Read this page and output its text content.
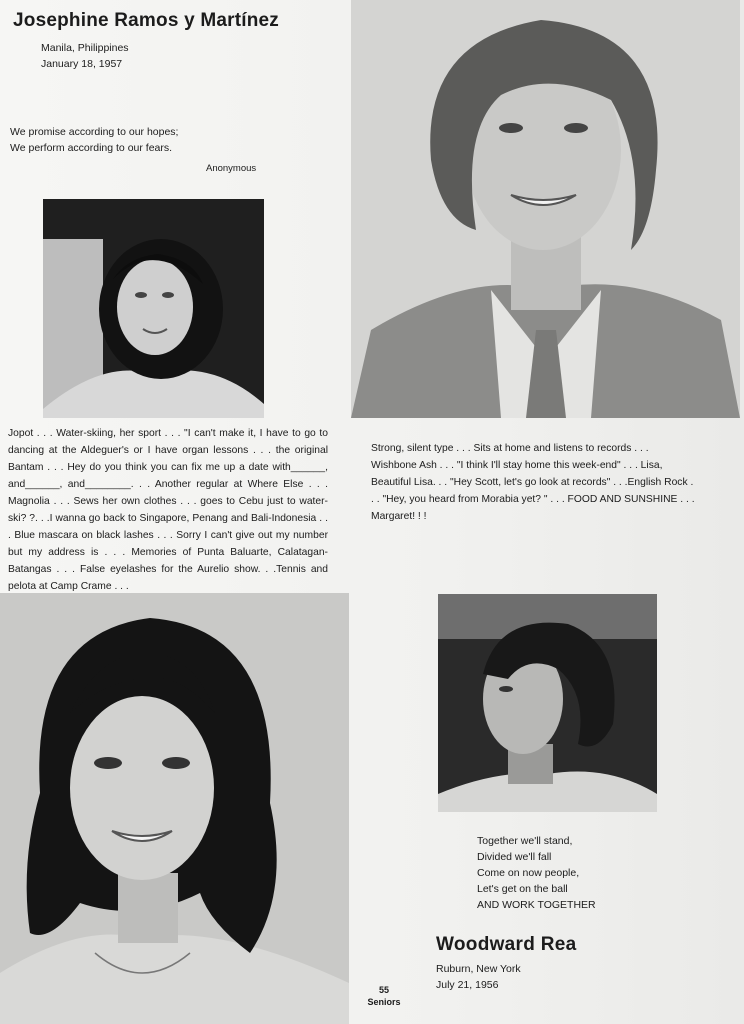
Josephine Ramos y Martínez
Manila, Philippines
January 18, 1957
We promise according to our hopes;
We perform according to our fears.
Anonymous
Jopot . . . Water-skiing, her sport . . . "I can't make it, I have to go to dancing at the Aldeguer's or I have organ lessons . . . the original Bantam . . . Hey do you think you can fix me up a date with______, and______, and________. . . Another regular at Where Else . . . Magnolia . . . Sews her own clothes . . . goes to Cebu just to water-ski? ?. . .I wanna go back to Singapore, Penang and Bali-Indonesia . . . Blue mascara on black lashes . . . Sorry I can't give out my number but my address is . . . Memories of Punta Baluarte, Calatagan-Batangas . . . False eyelashes for the Aurelio show. . .Tennis and pelota at Camp Crame . . .
Strong, silent type . . . Sits at home and listens to records . . . Wishbone Ash . . . "I think I'll stay home this week-end" . . . Lisa, Beautiful Lisa. . . "Hey Scott, let's go look at records" . . .English Rock . . . "Hey, you heard from Morabia yet? " . . . FOOD AND SUNSHINE . . . Margaret! ! !
Together we'll stand,
Divided we'll fall
Come on now people,
Let's get on the ball
AND WORK TOGETHER
Woodward Rea
Ruburn, New York
July 21, 1956
55
Seniors
